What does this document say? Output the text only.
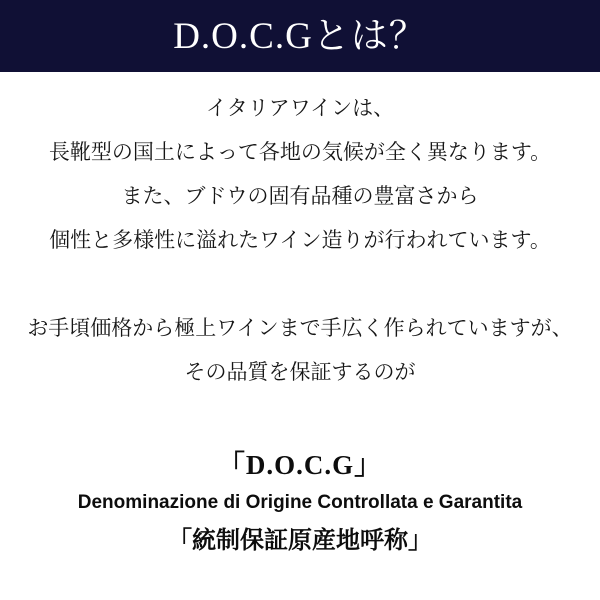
D.O.C.Gとは？
イタリアワインは、
長靴型の国土によって各地の気候が全く異なります。
また、ブドウの固有品種の豊富さから
個性と多様性に溢れたワイン造りが行われています。
お手頃価格から極上ワインまで手広く作られていますが、
その品質を保証するのが
「D.O.C.G」
Denominazione di Origine Controllata e Garantita
「統制保証原産地呼称」
